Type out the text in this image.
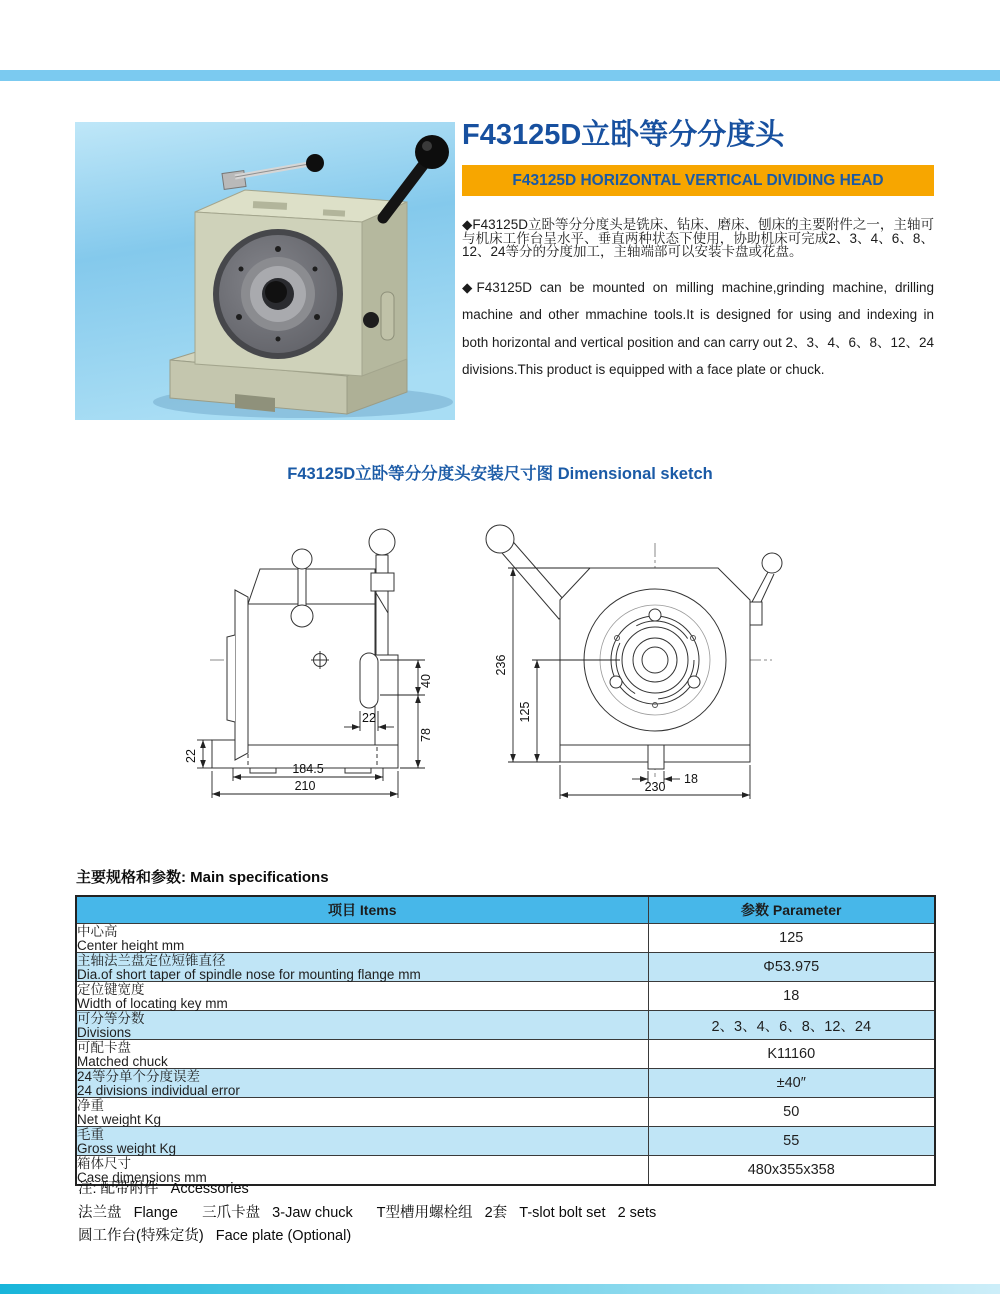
F43125D立卧等分分度头
F43125D HORIZONTAL VERTICAL DIVIDING HEAD

◆F43125D立卧等分分度头是铣床、钻床、磨床、刨床的主要附件之一，主轴可与机床工作台呈水平、垂直两种状态下使用，协助机床可完成2、3、4、6、8、12、24等分的分度加工，主轴端部可以安装卡盘或花盘。

◆F43125D can be mounted on milling machine,grinding machine, drilling machine and other mmachine tools.It is designed for using and indexing in both horizontal and vertical position and can carry out 2、3、4、6、8、12、24 divisions.This product is equipped with a face plate or chuck.

F43125D立卧等分分度头安装尺寸图 Dimensional sketch
40
78
22
22
184.5
210
236
125
18
230
主要规格和参数: Main specifications
项目 Items	参数 Parameter

中心高
Center height mm	125

主轴法兰盘定位短锥直径
Dia.of short taper of spindle nose for mounting flange mm	Φ53.975

定位键宽度
Width of locating key mm	18

可分等分数
Divisions	2、3、4、6、8、12、24

可配卡盘
Matched chuck	K11160

24等分单个分度误差
24 divisions individual error	±40″

净重
Net weight Kg	50

毛重
Gross weight Kg	55

箱体尺寸
Case dimensions mm	480x355x358
注: 配带附件   Accessories
法兰盘   Flange      三爪卡盘   3-Jaw chuck      T型槽用螺栓组   2套   T-slot bolt set   2 sets
圆工作台(特殊定货)   Face plate (Optional)
